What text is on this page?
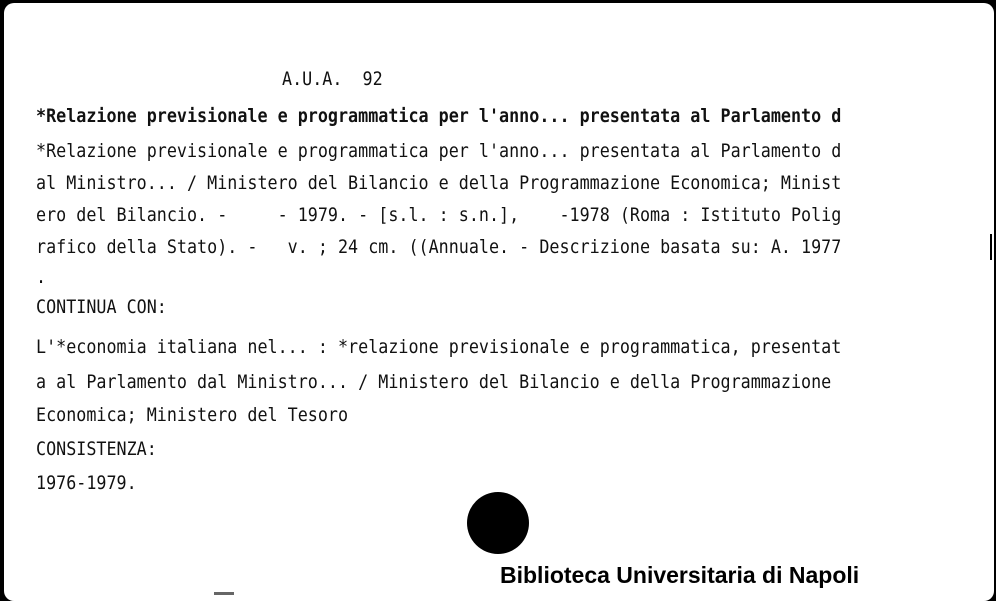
A.U.A.  92
*Relazione previsionale e programmatica per l'anno... presentata al Parlamento d
*Relazione previsionale e programmatica per l'anno... presentata al Parlamento d
al Ministro... / Ministero del Bilancio e della Programmazione Economica; Minist
ero del Bilancio. -     - 1979. - [s.l. : s.n.],    -1978 (Roma : Istituto Polig
rafico della Stato). -   v. ; 24 cm. ((Annuale. - Descrizione basata su: A. 1977
.
CONTINUA CON:
L'*economia italiana nel... : *relazione previsionale e programmatica, presentat
a al Parlamento dal Ministro... / Ministero del Bilancio e della Programmazione
Economica; Ministero del Tesoro
CONSISTENZA:
1976-1979.
Biblioteca Universitaria di Napoli
